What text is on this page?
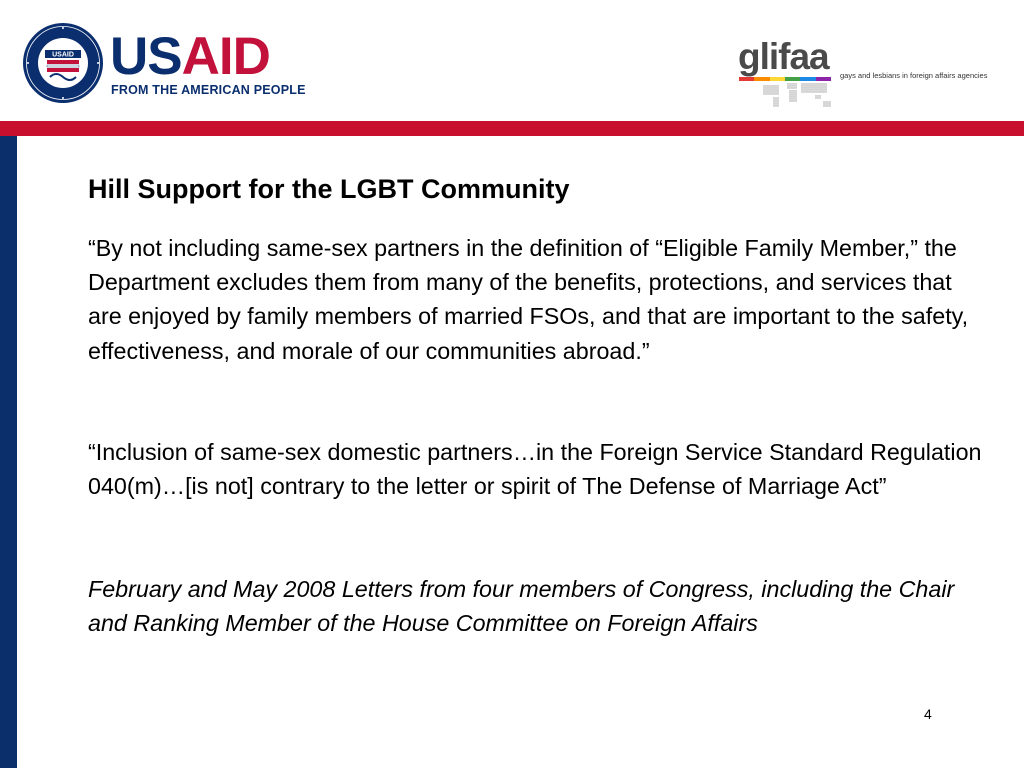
USAID USAID
FROM THE AMERICAN PEOPLE
glifaa gays and lesbians in foreign affairs agencies
Hill Support for the LGBT Community

“By not including same-sex partners in the definition of “Eligible Family Member,” the Department excludes them from many of the benefits, protections, and services that are enjoyed by family members of married FSOs, and that are important to the safety, effectiveness, and morale of our communities abroad.”

“Inclusion of same-sex domestic partners…in the Foreign Service Standard Regulation 040(m)…[is not] contrary to the letter or spirit of The Defense of Marriage Act”

February and May 2008 Letters from four members of Congress, including the Chair and Ranking Member of the House Committee on Foreign Affairs

4
